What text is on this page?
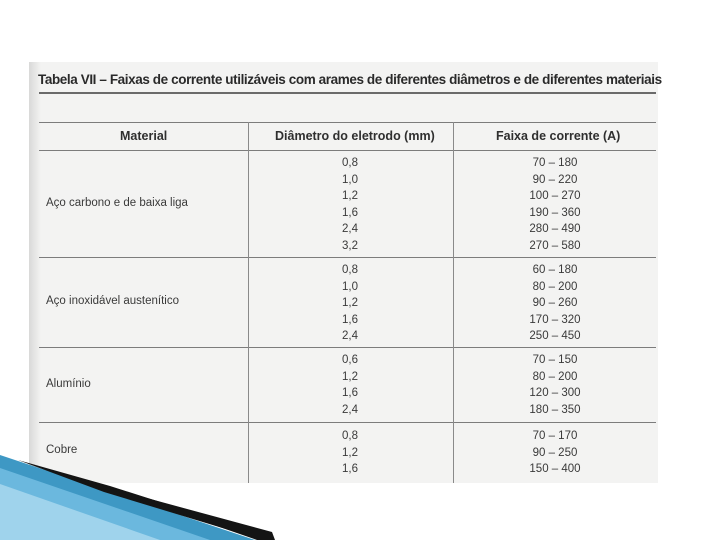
Tabela VII – Faixas de corrente utilizáveis com arames de diferentes diâmetros e de diferentes materiais
Material	Diâmetro do eletrodo (mm)	Faixa de corrente (A)
Aço carbono e de baixa liga
0,8
1,0
1,2
1,6
2,4
3,2
70 – 180
90 – 220
100 – 270
190 – 360
280 – 490
270 – 580
Aço inoxidável austenítico
0,8
1,0
1,2
1,6
2,4
60 – 180
80 – 200
90 – 260
170 – 320
250 – 450
Alumínio
0,6
1,2
1,6
2,4
70 – 150
80 – 200
120 – 300
180 – 350
Cobre
0,8
1,2
1,6
70 – 170
90 – 250
150 – 400
